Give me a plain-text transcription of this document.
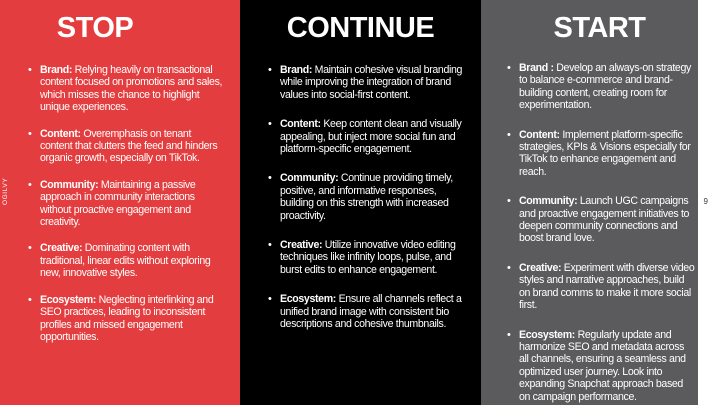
STOP
• Brand: Relying heavily on transactional content focused on promotions and sales, which misses the chance to highlight unique experiences.
• Content: Overemphasis on tenant content that clutters the feed and hinders organic growth, especially on TikTok.
• Community: Maintaining a passive approach in community interactions without proactive engagement and creativity.
• Creative: Dominating content with traditional, linear edits without exploring new, innovative styles.
• Ecosystem: Neglecting interlinking and SEO practices, leading to inconsistent profiles and missed engagement opportunities.
OGILVY
CONTINUE
• Brand: Maintain cohesive visual branding while improving the integration of brand values into social-first content.
• Content: Keep content clean and visually appealing, but inject more social fun and platform-specific engagement.
• Community: Continue providing timely, positive, and informative responses, building on this strength with increased proactivity.
• Creative: Utilize innovative video editing techniques like infinity loops, pulse, and burst edits to enhance engagement.
• Ecosystem: Ensure all channels reflect a unified brand image with consistent bio descriptions and cohesive thumbnails.
START
• Brand : Develop an always-on strategy to balance e-commerce and brand-building content, creating room for experimentation.
• Content: Implement platform-specific strategies, KPIs & Visions especially for TikTok to enhance engagement and reach.
• Community: Launch UGC campaigns and proactive engagement initiatives to deepen community connections and boost brand love.
• Creative: Experiment with diverse video styles and narrative approaches, build on brand comms to make it more social first.
• Ecosystem: Regularly update and harmonize SEO and metadata across all channels, ensuring a seamless and optimized user journey. Look into expanding Snapchat approach based on campaign performance.
9
